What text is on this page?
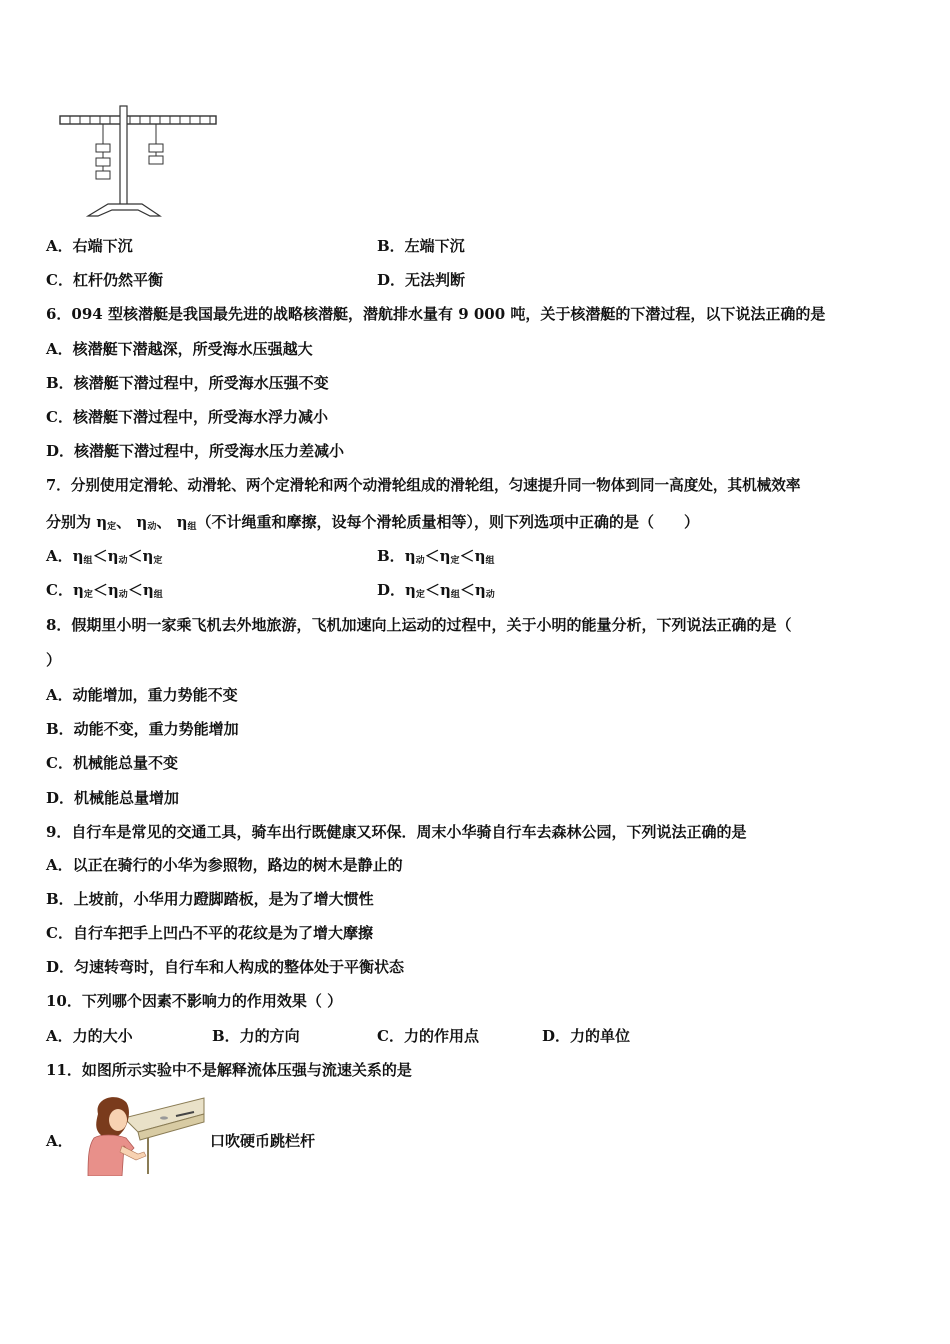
A．右端下沉	B．左端下沉
C．杠杆仍然平衡	D．无法判断
6．094 型核潜艇是我国最先进的战略核潜艇，潜航排水量有 9 000 吨，关于核潜艇的下潜过程，以下说法正确的是
A．核潜艇下潜越深，所受海水压强越大
B．核潜艇下潜过程中，所受海水压强不变
C．核潜艇下潜过程中，所受海水浮力减小
D．核潜艇下潜过程中，所受海水压力差减小
7．分别使用定滑轮、动滑轮、两个定滑轮和两个动滑轮组成的滑轮组，匀速提升同一物体到同一高度处，其机械效率
分别为 $\eta_定$、 $\eta_动$、 $\eta_组$（不计绳重和摩擦，设每个滑轮质量相等），则下列选项中正确的是（　　）
A．$\eta_组<\eta_动<\eta_定$	B．$\eta_动<\eta_定<\eta_组$
C．$\eta_定<\eta_动<\eta_组$	D．$\eta_定<\eta_组<\eta_动$
8．假期里小明一家乘飞机去外地旅游，飞机加速向上运动的过程中，关于小明的能量分析，下列说法正确的是（
）
A．动能增加，重力势能不变
B．动能不变，重力势能增加
C．机械能总量不变
D．机械能总量增加
9．自行车是常见的交通工具，骑车出行既健康又环保．周末小华骑自行车去森林公园，下列说法正确的是
A．以正在骑行的小华为参照物，路边的树木是静止的
B．上坡前，小华用力蹬脚踏板，是为了增大惯性
C．自行车把手上凹凸不平的花纹是为了增大摩擦
D．匀速转弯时，自行车和人构成的整体处于平衡状态
10．下列哪个因素不影响力的作用效果（ ）
A．力的大小	B．力的方向	C．力的作用点	D．力的单位
11．如图所示实验中不是解释流体压强与流速关系的是
A．	口吹硬币跳栏杆
